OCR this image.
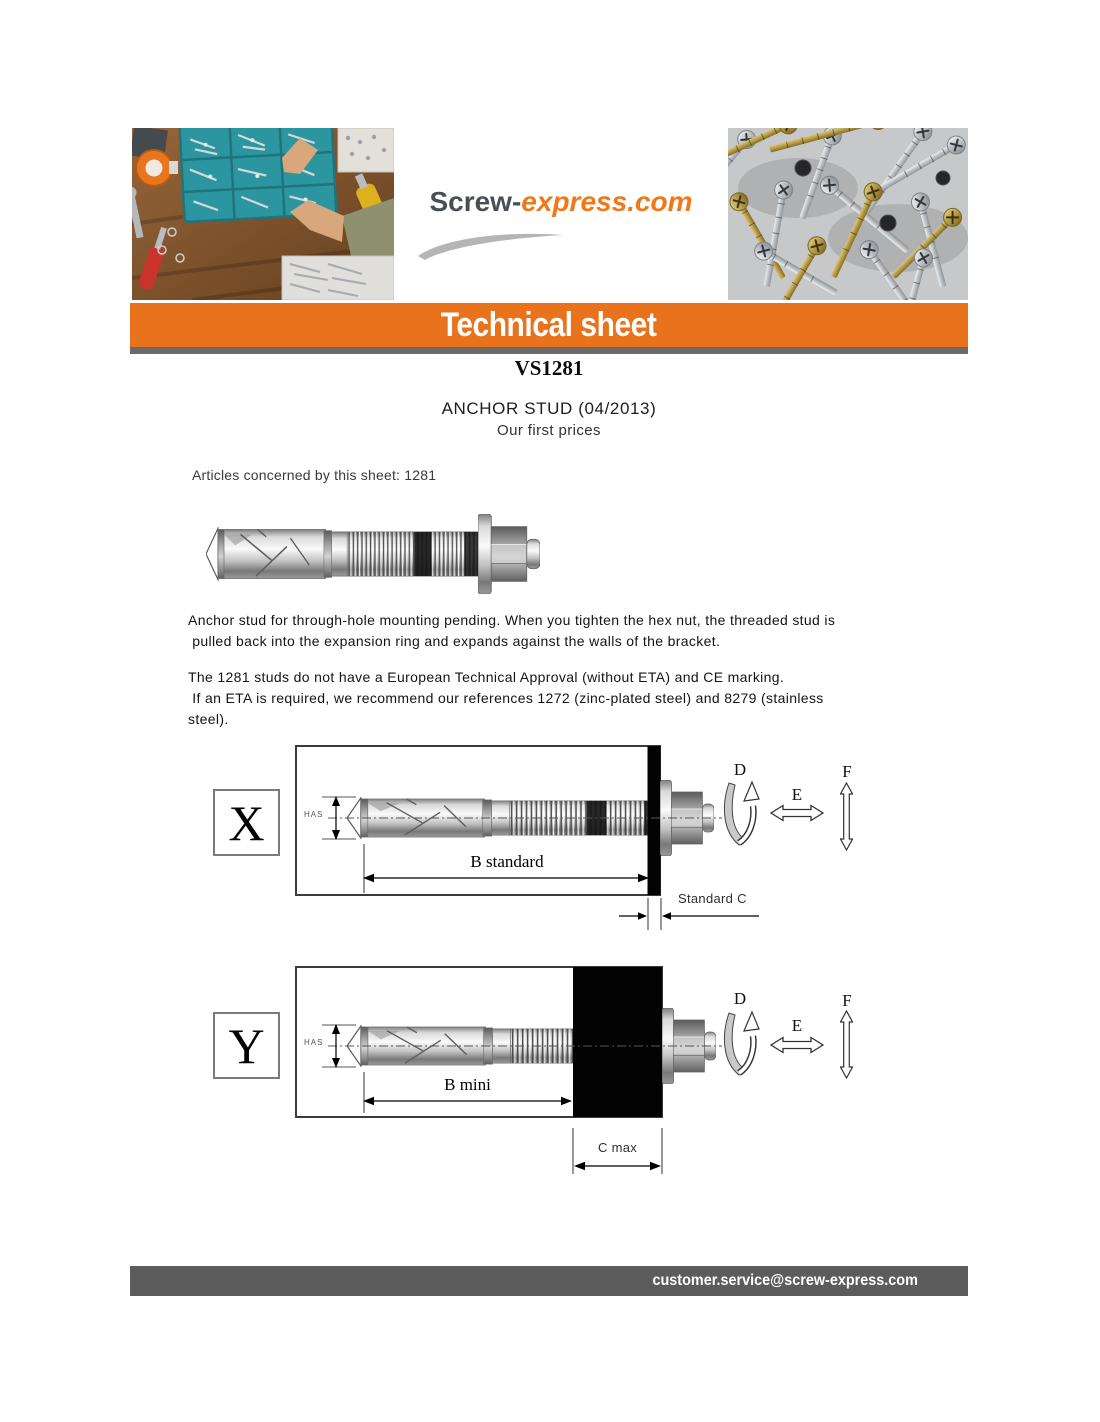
Screw-express.com
Technical sheet
VS1281
ANCHOR STUD (04/2013)
Our first prices
Articles concerned by this sheet: 1281
Anchor stud for through-hole mounting pending. When you tighten the hex nut, the threaded stud is
pulled back into the expansion ring and expands against the walls of the bracket.
The 1281 studs do not have a European Technical Approval (without ETA) and CE marking.
If an ETA is required, we recommend our references 1272 (zinc-plated steel) and 8279 (stainless
steel).
X	HAS
B standard
Standard C
D
E
F
Y	HAS
B mini
C max
D
E
F
customer.service@screw-express.com
